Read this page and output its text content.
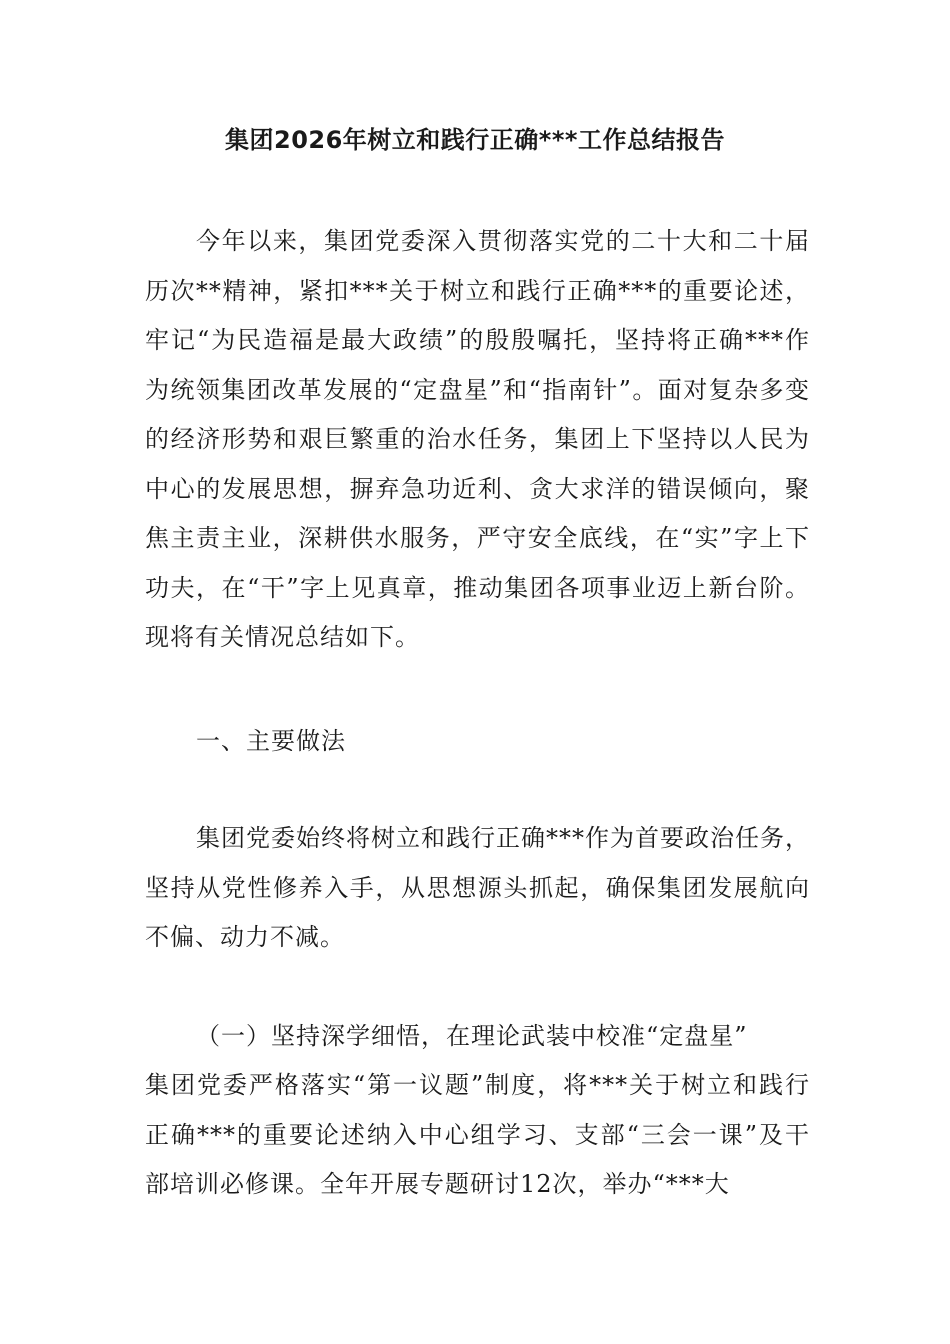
集团2026年树立和践行正确***工作总结报告

今年以来，集团党委深入贯彻落实党的二十大和二十届历次**精神，紧扣***关于树立和践行正确***的重要论述，牢记“为民造福是最大政绩”的殷殷嘱托，坚持将正确***作为统领集团改革发展的“定盘星”和“指南针”。面对复杂多变的经济形势和艰巨繁重的治水任务，集团上下坚持以人民为中心的发展思想，摒弃急功近利、贪大求洋的错误倾向，聚焦主责主业，深耕供水服务，严守安全底线，在“实”字上下功夫，在“干”字上见真章，推动集团各项事业迈上新台阶。现将有关情况总结如下。

一、主要做法

集团党委始终将树立和践行正确***作为首要政治任务，坚持从党性修养入手，从思想源头抓起，确保集团发展航向不偏、动力不减。

（一）坚持深学细悟，在理论武装中校准“定盘星”

集团党委严格落实“第一议题”制度，将***关于树立和践行正确***的重要论述纳入中心组学习、支部“三会一课”及干部培训必修课。全年开展专题研讨12次，举办“***大
